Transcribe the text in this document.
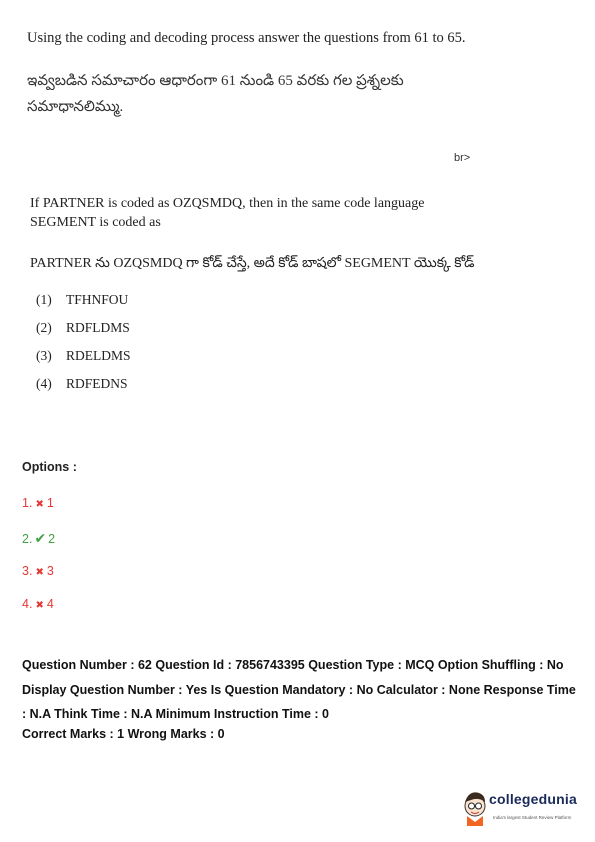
Using the coding and decoding process answer the questions from 61 to 65.
ఇవ్వబడిన సమాచారం ఆధారంగా 61 నుండి 65 వరకు గల ప్రశ్నలకు సమాధానలిమ్ము.
br>
If PARTNER is coded as OZQSMDQ, then in the same code language SEGMENT is coded as
PARTNER ను OZQSMDQ గా కోడ్ చేస్తే, అదే కోడ్ బాషలో SEGMENT యొక్క కోడ్
(1) TFHNFOU
(2) RDFLDMS
(3) RDELDMS
(4) RDFEDNS
Options :
1. ✖ 1
2. ✔ 2
3. ✖ 3
4. ✖ 4
Question Number : 62 Question Id : 7856743395 Question Type : MCQ Option Shuffling : No Display Question Number : Yes Is Question Mandatory : No Calculator : None Response Time : N.A Think Time : N.A Minimum Instruction Time : 0
Correct Marks : 1 Wrong Marks : 0
collegedunia
India's largest Student Review Platform
